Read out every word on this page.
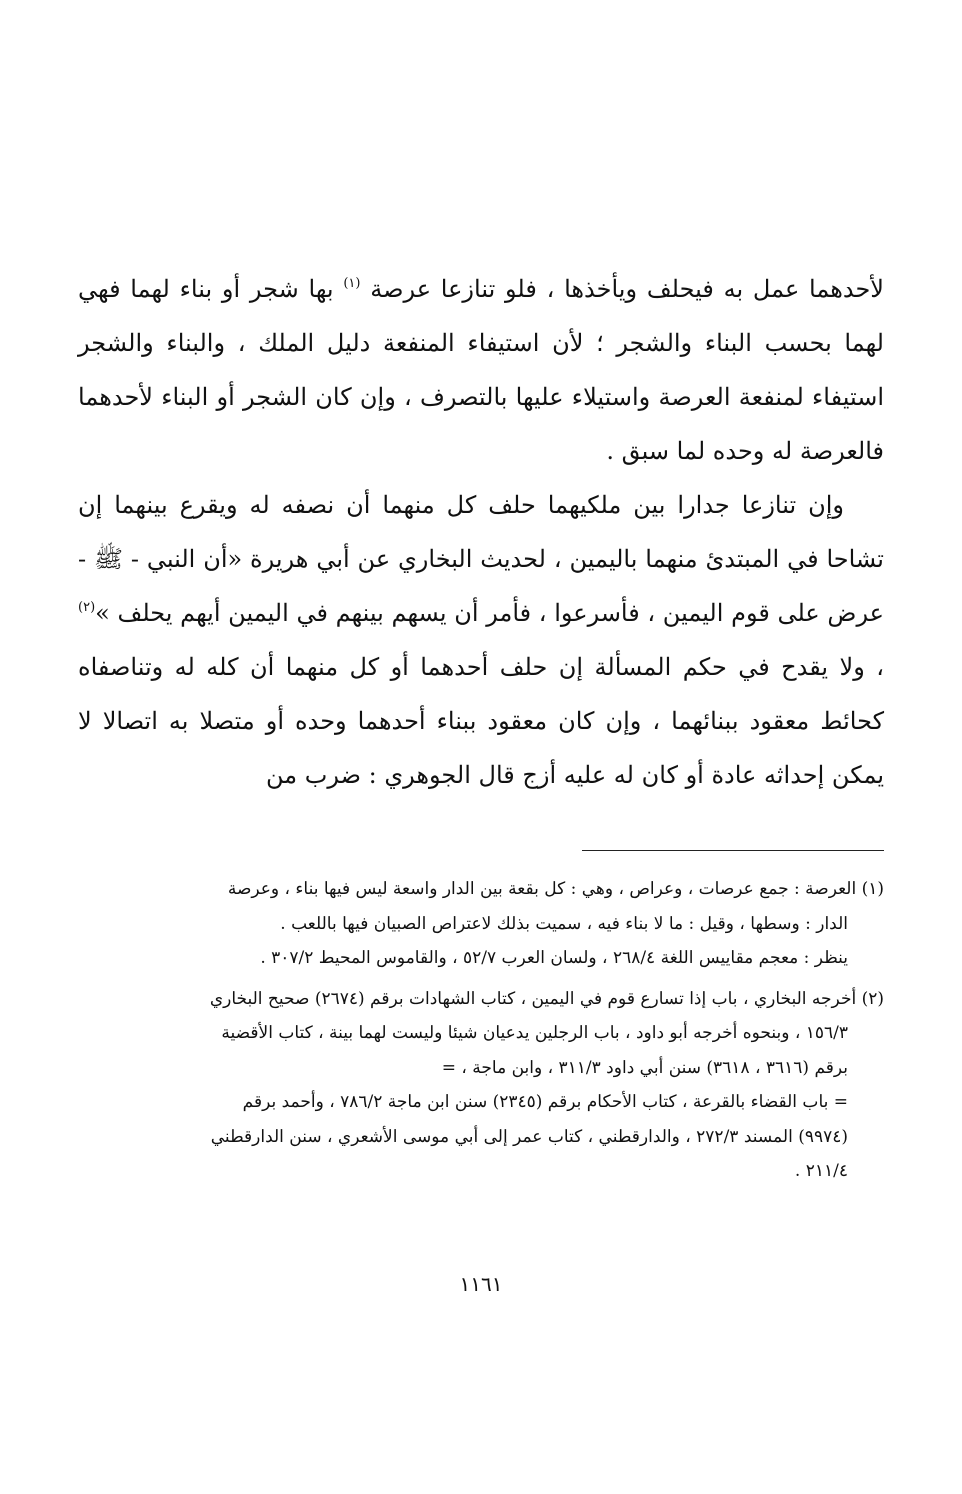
لأحدهما عمل به فيحلف ويأخذها ، فلو تنازعا عرصة $^{(١)}$ بها شجر أو بناء لهما فهي لهما بحسب البناء والشجر ؛ لأن استيفاء المنفعة دليل الملك ، والبناء والشجر استيفاء لمنفعة العرصة واستيلاء عليها بالتصرف ، وإن كان الشجر أو البناء لأحدهما فالعرصة له وحده لما سبق .

وإن تنازعا جدارا بين ملكيهما حلف كل منهما أن نصفه له ويقرع بينهما إن تشاحا في المبتدئ منهما باليمين ، لحديث البخاري عن أبي هريرة «أن النبي - ﷺ - عرض على قوم اليمين ، فأسرعوا ، فأمر أن يسهم بينهم في اليمين أيهم يحلف »$^{(٢)}$ ، ولا يقدح في حكم المسألة إن حلف أحدهما أو كل منهما أن كله له وتناصفاه كحائط معقود ببنائهما ، وإن كان معقود ببناء أحدهما وحده أو متصلا به اتصالا لا يمكن إحداثه عادة أو كان له عليه أزج قال الجوهري : ضرب من

(١) العرصة : جمع عرصات ، وعراص ، وهي : كل بقعة بين الدار واسعة ليس فيها بناء ، وعرصة

الدار : وسطها ، وقيل : ما لا بناء فيه ، سميت بذلك لاعتراص الصبيان فيها باللعب .

ينظر : معجم مقاييس اللغة ٢٦٨/٤ ، ولسان العرب ٥٢/٧ ، والقاموس المحيط ٣٠٧/٢ .

(٢) أخرجه البخاري ، باب إذا تسارع قوم في اليمين ، كتاب الشهادات برقم (٢٦٧٤) صحيح البخاري

١٥٦/٣ ، وبنحوه أخرجه أبو داود ، باب الرجلين يدعيان شيئا وليست لهما بينة ، كتاب الأقضية

برقم (٣٦١٦ ، ٣٦١٨) سنن أبي داود ٣١١/٣ ، وابن ماجة ، =

= باب القضاء بالقرعة ، كتاب الأحكام برقم (٢٣٤٥) سنن ابن ماجة ٧٨٦/٢ ، وأحمد برقم

(٩٩٧٤) المسند ٢٧٢/٣ ، والدارقطني ، كتاب عمر إلى أبي موسى الأشعري ، سنن الدارقطني

٢١١/٤ .

١١٦١
